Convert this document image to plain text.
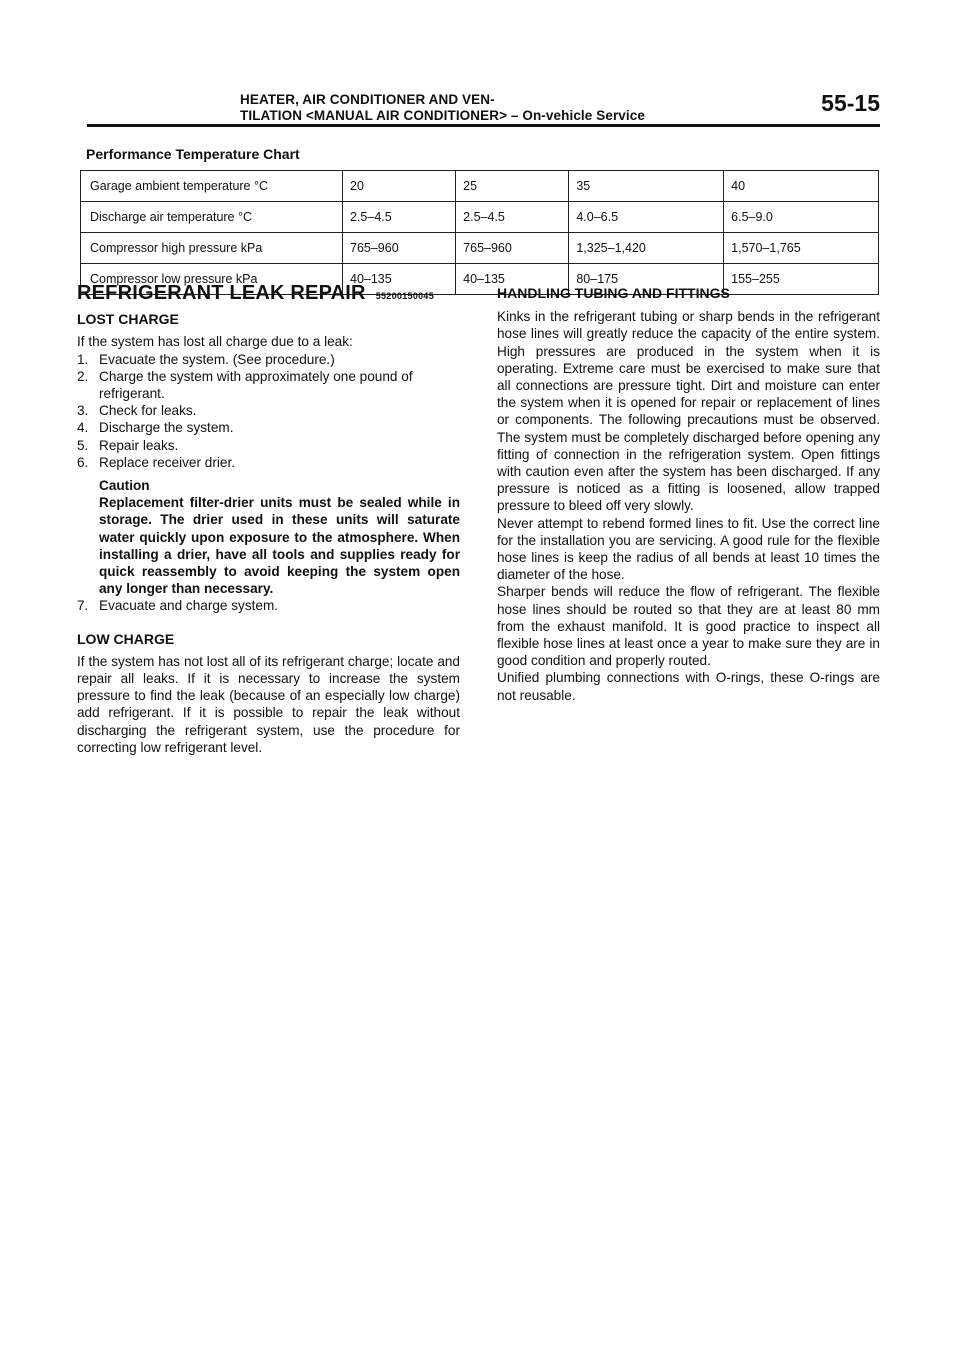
HEATER, AIR CONDITIONER AND VEN-
TILATION <MANUAL AIR CONDITIONER> – On-vehicle Service	55-15
Performance Temperature Chart
Garage ambient temperature °C	20	25	35	40
Discharge air temperature °C	2.5–4.5	2.5–4.5	4.0–6.5	6.5–9.0
Compressor high pressure kPa	765–960	765–960	1,325–1,420	1,570–1,765
Compressor low pressure kPa	40–135	40–135	80–175	155–255
REFRIGERANT LEAK REPAIR 55200150045
LOST CHARGE

If the system has lost all charge due to a leak:

1. Evacuate the system. (See procedure.)
2. Charge the system with approximately one pound of refrigerant.
3. Check for leaks.
4. Discharge the system.
5. Repair leaks.
6. Replace receiver drier.
Caution
Replacement filter-drier units must be sealed while in storage. The drier used in these units will saturate water quickly upon exposure to the atmosphere. When installing a drier, have all tools and supplies ready for quick reassembly to avoid keeping the system open any longer than necessary.
7. Evacuate and charge system.
LOW CHARGE

If the system has not lost all of its refrigerant charge; locate and repair all leaks. If it is necessary to increase the system pressure to find the leak (because of an especially low charge) add refrigerant. If it is possible to repair the leak without discharging the refrigerant system, use the procedure for correcting low refrigerant level.

HANDLING TUBING AND FITTINGS

Kinks in the refrigerant tubing or sharp bends in the refrigerant hose lines will greatly reduce the capacity of the entire system. High pressures are produced in the system when it is operating. Extreme care must be exercised to make sure that all connections are pressure tight. Dirt and moisture can enter the system when it is opened for repair or replacement of lines or components. The following precautions must be observed. The system must be completely discharged before opening any fitting of connection in the refrigeration system. Open fittings with caution even after the system has been discharged. If any pressure is noticed as a fitting is loosened, allow trapped pressure to bleed off very slowly.

Never attempt to rebend formed lines to fit. Use the correct line for the installation you are servicing. A good rule for the flexible hose lines is keep the radius of all bends at least 10 times the diameter of the hose.

Sharper bends will reduce the flow of refrigerant. The flexible hose lines should be routed so that they are at least 80 mm from the exhaust manifold. It is good practice to inspect all flexible hose lines at least once a year to make sure they are in good condition and properly routed.

Unified plumbing connections with O-rings, these O-rings are not reusable.
